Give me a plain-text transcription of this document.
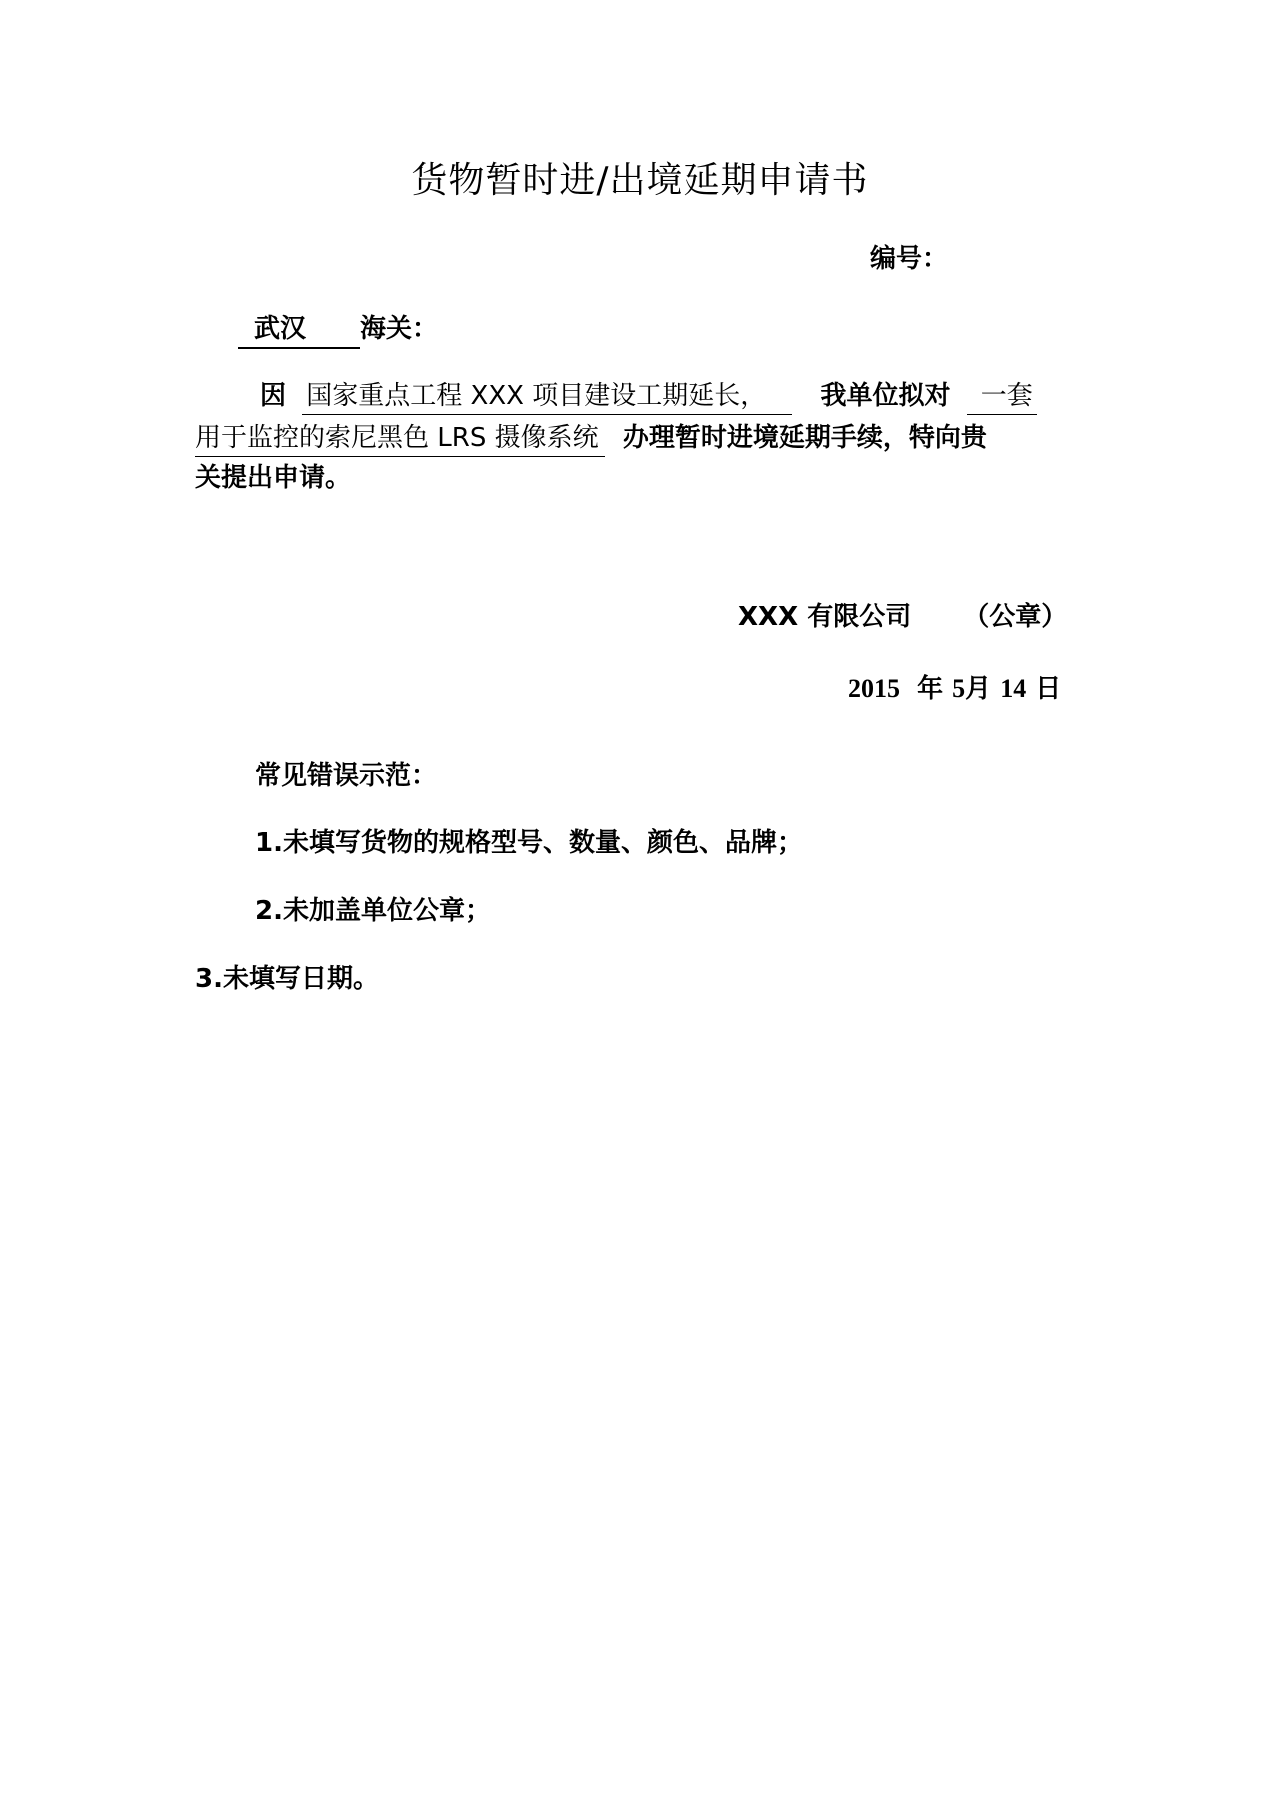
货物暂时进/出境延期申请书
编号：
武汉 海关：
因 国家重点工程 XXX 项目建设工期延长， 我单位拟对 一套
用于监控的索尼黑色 LRS 摄像系统 办理暂时进境延期手续，特向贵
关提出申请。
XXX 有限公司 （公章）
2015 年 5月 14 日
常见错误示范：
1.未填写货物的规格型号、数量、颜色、品牌；
2.未加盖单位公章；
3.未填写日期。
